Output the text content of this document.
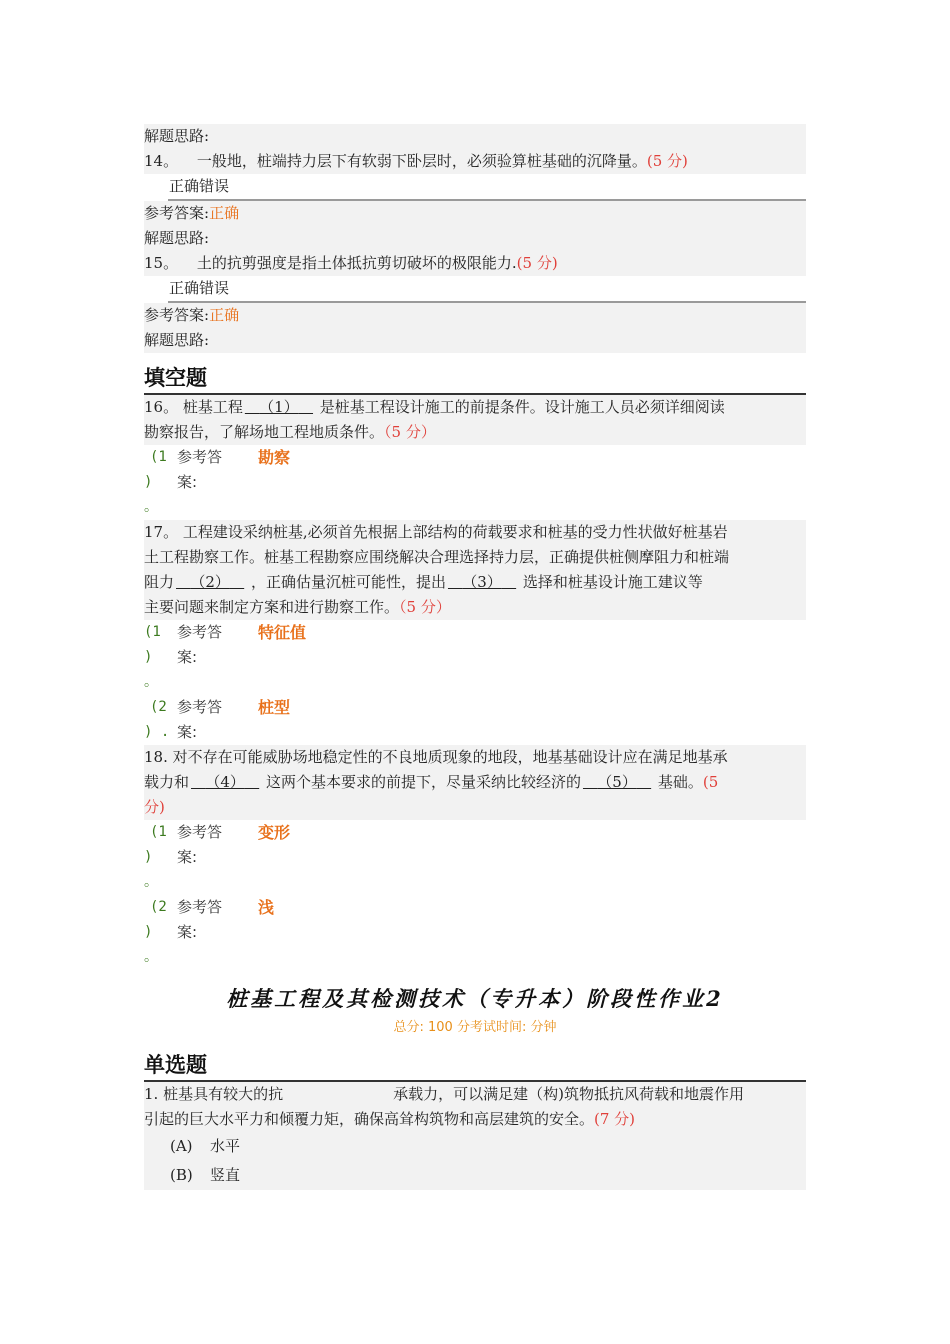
解题思路:
14。 一般地，桩端持力层下有软弱下卧层时，必须验算桩基础的沉降量。(5 分)
正确错误
参考答案:正确
解题思路:
15。 土的抗剪强度是指土体抵抗剪切破坏的极限能力.(5 分)
正确错误
参考答案:正确
解题思路:
填空题
16。 桩基工程 （1）    是桩基工程设计施工的前提条件。设计施工人员必须详细阅读
勘察报告，了解场地工程地质条件。（5 分）
(1 参考答 勘察
) 案:
。
17。 工程建设采纳桩基,必须首先根据上部结构的荷载要求和桩基的受力性状做好桩基岩
土工程勘察工作。桩基工程勘察应围绕解决合理选择持力层，正确提供桩侧摩阻力和桩端
阻力 （2）    ，正确估量沉桩可能性，提出 （3）    选择和桩基设计施工建议等
主要问题来制定方案和进行勘察工作。（5 分）
(1 参考答 特征值
) 案:
。
(2 参考答 桩型
) . 案:
18. 对不存在可能威胁场地稳定性的不良地质现象的地段，地基基础设计应在满足地基承
载力和 （4）    这两个基本要求的前提下，尽量采纳比较经济的 （5）    基础。(5
分)
(1 参考答 变形
) 案:
。
(2 参考答 浅
) 案:
。
桩基工程及其检测技术（专升本）阶段性作业2
总分: 100 分考试时间: 分钟
单选题
1. 桩基具有较大的抗	承载力，可以满足建（构)筑物抵抗风荷载和地震作用
引起的巨大水平力和倾覆力矩，确保高耸构筑物和高层建筑的安全。(7 分)
(A) 水平
(B) 竖直
